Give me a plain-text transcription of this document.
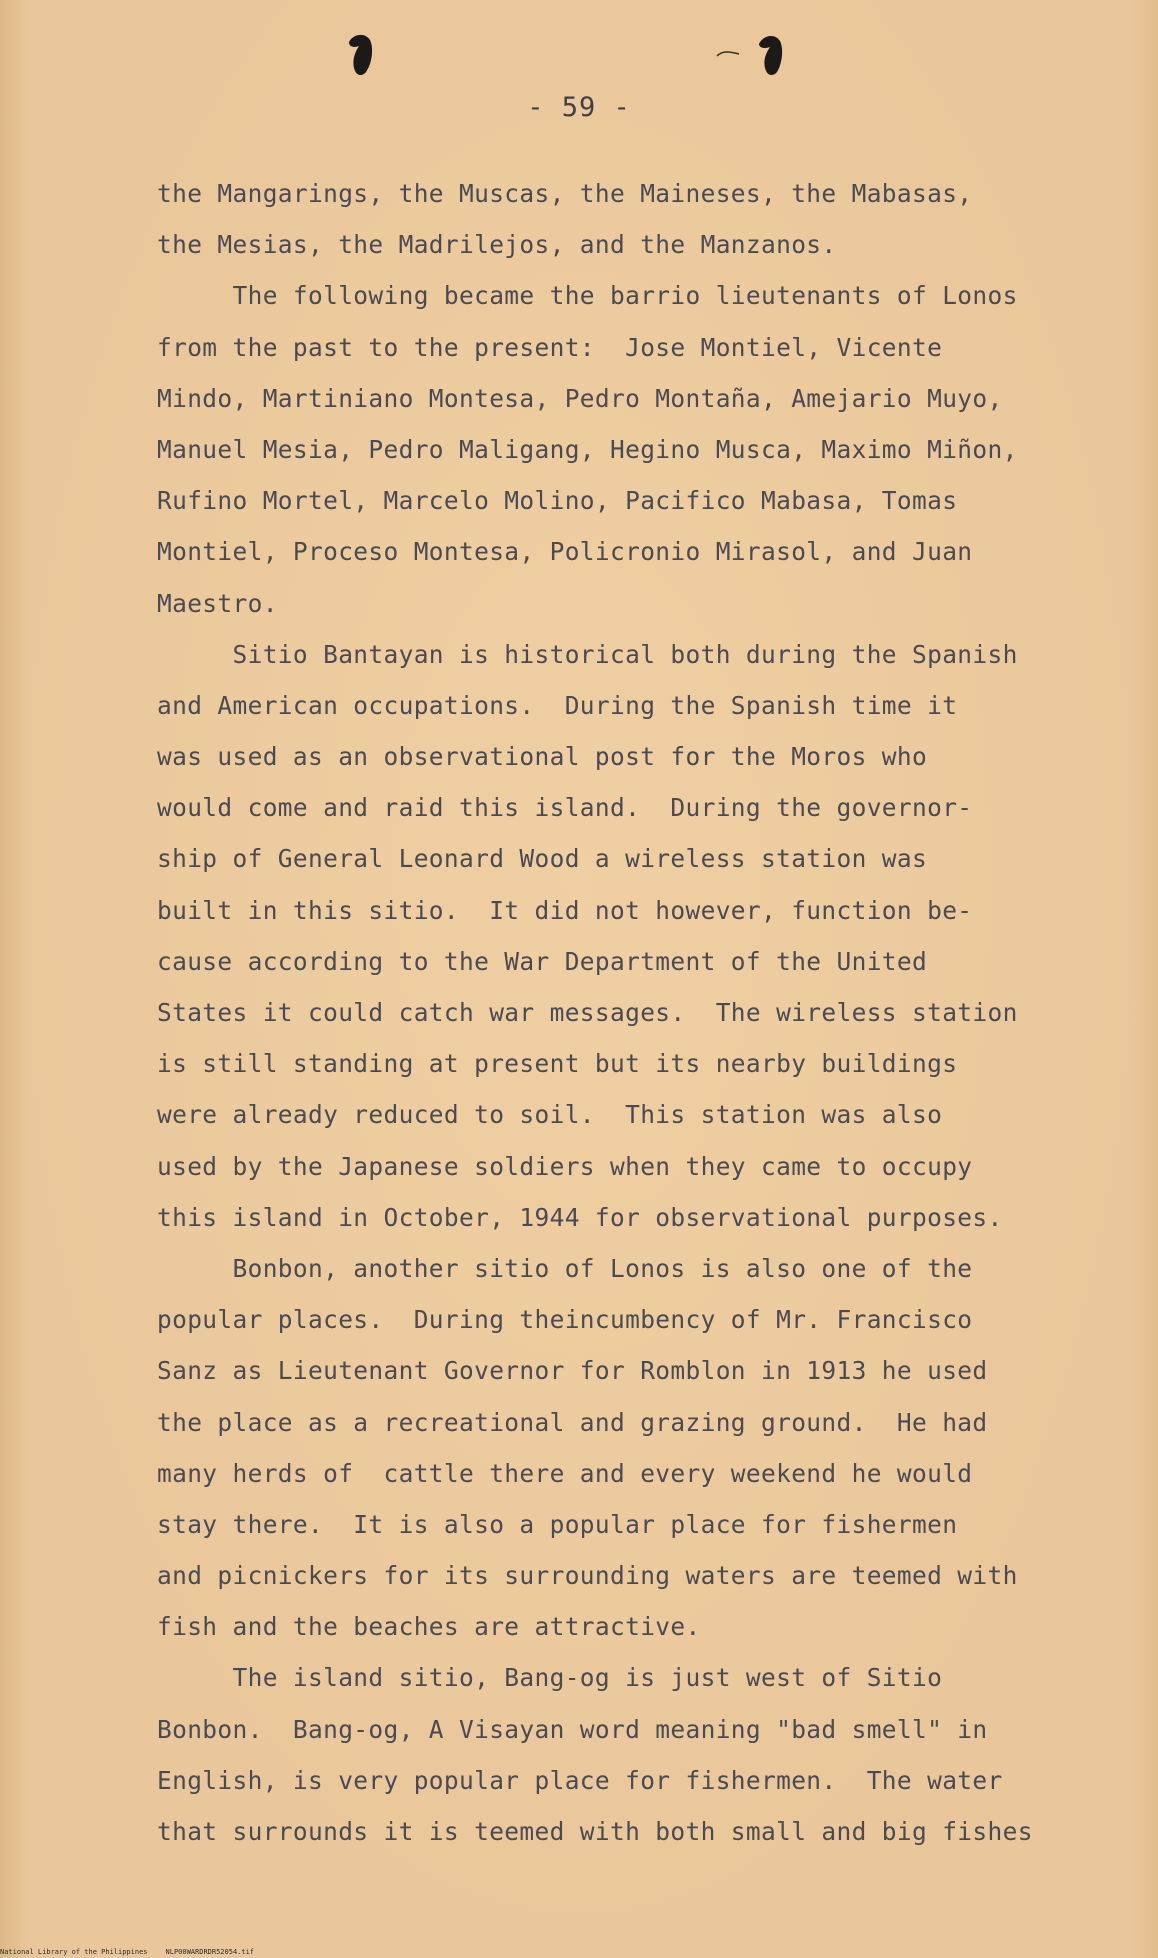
- 59 -
the Mangarings, the Muscas, the Maineses, the Mabasas,
the Mesias, the Madrilejos, and the Manzanos.
The following became the barrio lieutenants of Lonos
from the past to the present:  Jose Montiel, Vicente
Mindo, Martiniano Montesa, Pedro Montaña, Amejario Muyo,
Manuel Mesia, Pedro Maligang, Hegino Musca, Maximo Miñon,
Rufino Mortel, Marcelo Molino, Pacifico Mabasa, Tomas
Montiel, Proceso Montesa, Policronio Mirasol, and Juan
Maestro.
Sitio Bantayan is historical both during the Spanish
and American occupations.  During the Spanish time it
was used as an observational post for the Moros who
would come and raid this island.  During the governor-
ship of General Leonard Wood a wireless station was
built in this sitio.  It did not however, function be-
cause according to the War Department of the United
States it could catch war messages.  The wireless station
is still standing at present but its nearby buildings
were already reduced to soil.  This station was also
used by the Japanese soldiers when they came to occupy
this island in October, 1944 for observational purposes.
Bonbon, another sitio of Lonos is also one of the
popular places.  During theincumbency of Mr. Francisco
Sanz as Lieutenant Governor for Romblon in 1913 he used
the place as a recreational and grazing ground.  He had
many herds of  cattle there and every weekend he would
stay there.  It is also a popular place for fishermen
and picnickers for its surrounding waters are teemed with
fish and the beaches are attractive.
The island sitio, Bang-og is just west of Sitio
Bonbon.  Bang-og, A Visayan word meaning "bad smell" in
English, is very popular place for fishermen.  The water
that surrounds it is teemed with both small and big fishes
National Library of the Philippines	NLP00WARDRDR52054.tif
